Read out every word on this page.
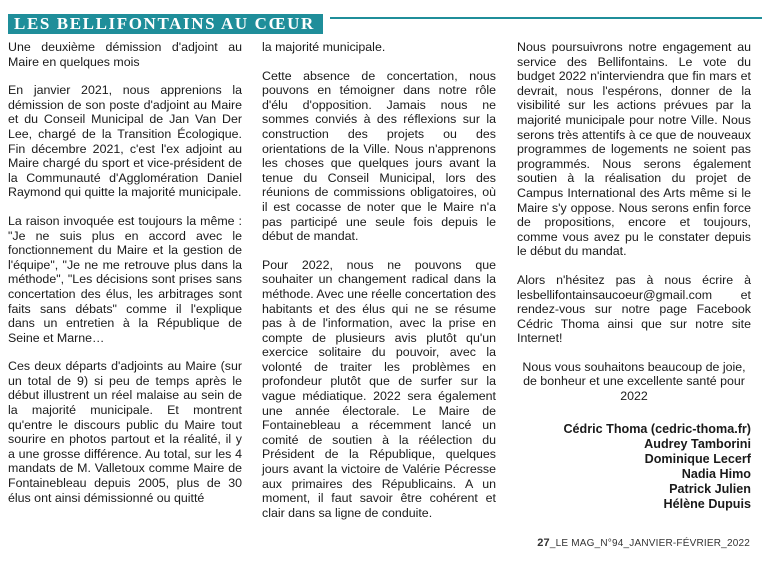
LES BELLIFONTAINS AU CŒUR

Une deuxième démission d'adjoint au Maire en quelques mois

En janvier 2021, nous apprenions la démission de son poste d'adjoint au Maire et du Conseil Municipal de Jan Van Der Lee, chargé de la Transition Écologique. Fin décembre 2021, c'est l'ex adjoint au Maire chargé du sport et vice-président de la Communauté d'Agglomération Daniel Raymond qui quitte la majorité municipale.

La raison invoquée est toujours la même : "Je ne suis plus en accord avec le fonctionnement du Maire et la gestion de l'équipe", "Je ne me retrouve plus dans la méthode", "Les décisions sont prises sans concertation des élus, les arbitrages sont faits sans débats" comme il l'explique dans un entretien à la République de Seine et Marne…

Ces deux départs d'adjoints au Maire (sur un total de 9) si peu de temps après le début illustrent un réel malaise au sein de la majorité municipale. Et montrent qu'entre le discours public du Maire tout sourire en photos partout et la réalité, il y a une grosse différence. Au total, sur les 4 mandats de M. Valletoux comme Maire de Fontainebleau depuis 2005, plus de 30 élus ont ainsi démissionné ou quitté

la majorité municipale.

Cette absence de concertation, nous pouvons en témoigner dans notre rôle d'élu d'opposition. Jamais nous ne sommes conviés à des réflexions sur la construction des projets ou des orientations de la Ville. Nous n'apprenons les choses que quelques jours avant la tenue du Conseil Municipal, lors des réunions de commissions obligatoires, où il est cocasse de noter que le Maire n'a pas participé une seule fois depuis le début de mandat.

Pour 2022, nous ne pouvons que souhaiter un changement radical dans la méthode. Avec une réelle concertation des habitants et des élus qui ne se résume pas à de l'information, avec la prise en compte de plusieurs avis plutôt qu'un exercice solitaire du pouvoir, avec la volonté de traiter les problèmes en profondeur plutôt que de surfer sur la vague médiatique. 2022 sera également une année électorale. Le Maire de Fontainebleau a récemment lancé un comité de soutien à la réélection du Président de la République, quelques jours avant la victoire de Valérie Pécresse aux primaires des Républicains. A un moment, il faut savoir être cohérent et clair dans sa ligne de conduite.

Nous poursuivrons notre engagement au service des Bellifontains. Le vote du budget 2022 n'interviendra que fin mars et devrait, nous l'espérons, donner de la visibilité sur les actions prévues par la majorité municipale pour notre Ville. Nous serons très attentifs à ce que de nouveaux programmes de logements ne soient pas programmés. Nous serons également soutien à la réalisation du projet de Campus International des Arts même si le Maire s'y oppose. Nous serons enfin force de propositions, encore et toujours, comme vous avez pu le constater depuis le début du mandat.

Alors n'hésitez pas à nous écrire à lesbellifontainsaucoeur@gmail.com et rendez-vous sur notre page Facebook Cédric Thoma ainsi que sur notre site Internet!

Nous vous souhaitons beaucoup de joie, de bonheur et une excellente santé pour 2022

Cédric Thoma (cedric-thoma.fr)
Audrey Tamborini
Dominique Lecerf
Nadia Himo
Patrick Julien
Hélène Dupuis
27_LE MAG_N°94_JANVIER-FÉVRIER_2022
